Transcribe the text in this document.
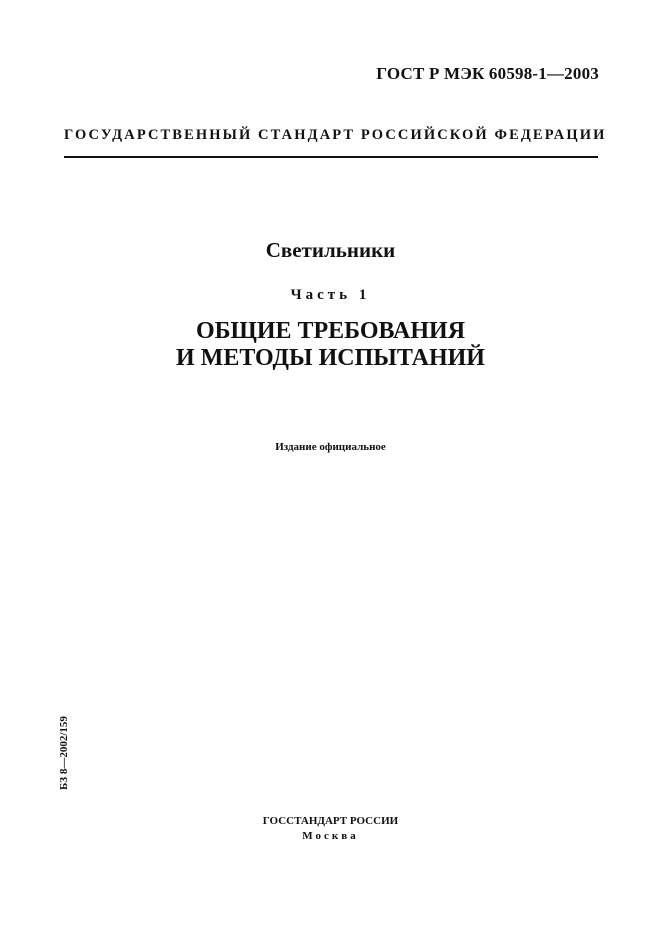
ГОСТ Р МЭК 60598-1—2003
ГОСУДАРСТВЕННЫЙ СТАНДАРТ РОССИЙСКОЙ ФЕДЕРАЦИИ
Светильники
Часть 1
ОБЩИЕ ТРЕБОВАНИЯ
И МЕТОДЫ ИСПЫТАНИЙ
Издание официальное
БЗ 8—2002/159
ГОССТАНДАРТ РОССИИ
Москва
